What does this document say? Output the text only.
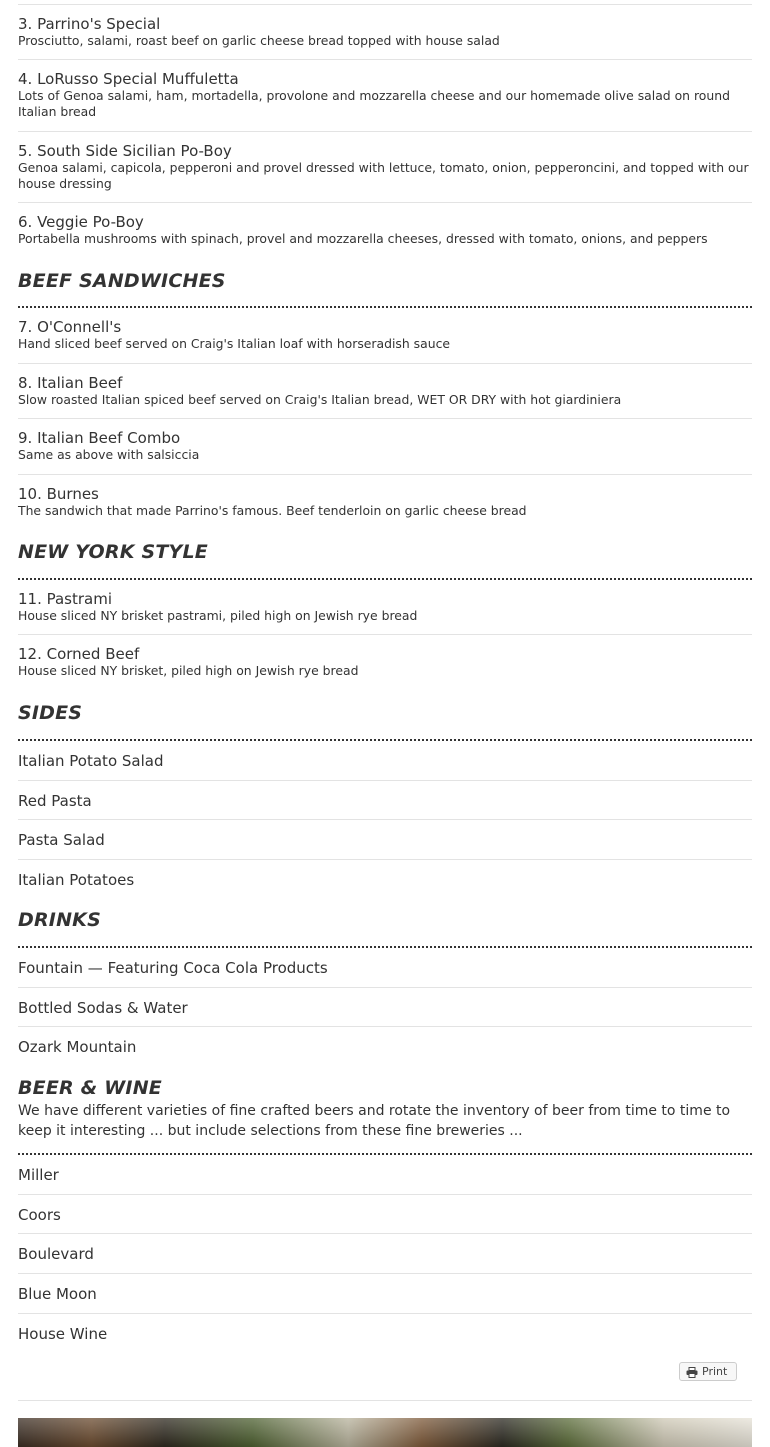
3. Parrino's Special
Prosciutto, salami, roast beef on garlic cheese bread topped with house salad
4. LoRusso Special Muffuletta
Lots of Genoa salami, ham, mortadella, provolone and mozzarella cheese and our homemade olive salad on round Italian bread
5. South Side Sicilian Po-Boy
Genoa salami, capicola, pepperoni and provel dressed with lettuce, tomato, onion, pepperoncini, and topped with our house dressing
6. Veggie Po-Boy
Portabella mushrooms with spinach, provel and mozzarella cheeses, dressed with tomato, onions, and peppers
BEEF SANDWICHES
7. O'Connell's
Hand sliced beef served on Craig's Italian loaf with horseradish sauce
8. Italian Beef
Slow roasted Italian spiced beef served on Craig's Italian bread, WET OR DRY with hot giardiniera
9. Italian Beef Combo
Same as above with salsiccia
10. Burnes
The sandwich that made Parrino's famous. Beef tenderloin on garlic cheese bread
NEW YORK STYLE
11. Pastrami
House sliced NY brisket pastrami, piled high on Jewish rye bread
12. Corned Beef
House sliced NY brisket, piled high on Jewish rye bread
SIDES
Italian Potato Salad
Red Pasta
Pasta Salad
Italian Potatoes
DRINKS
Fountain — Featuring Coca Cola Products
Bottled Sodas & Water
Ozark Mountain
BEER & WINE
We have different varieties of fine crafted beers and rotate the inventory of beer from time to time to keep it interesting ... but include selections from these fine breweries ...
Miller
Coors
Boulevard
Blue Moon
House Wine
Print
